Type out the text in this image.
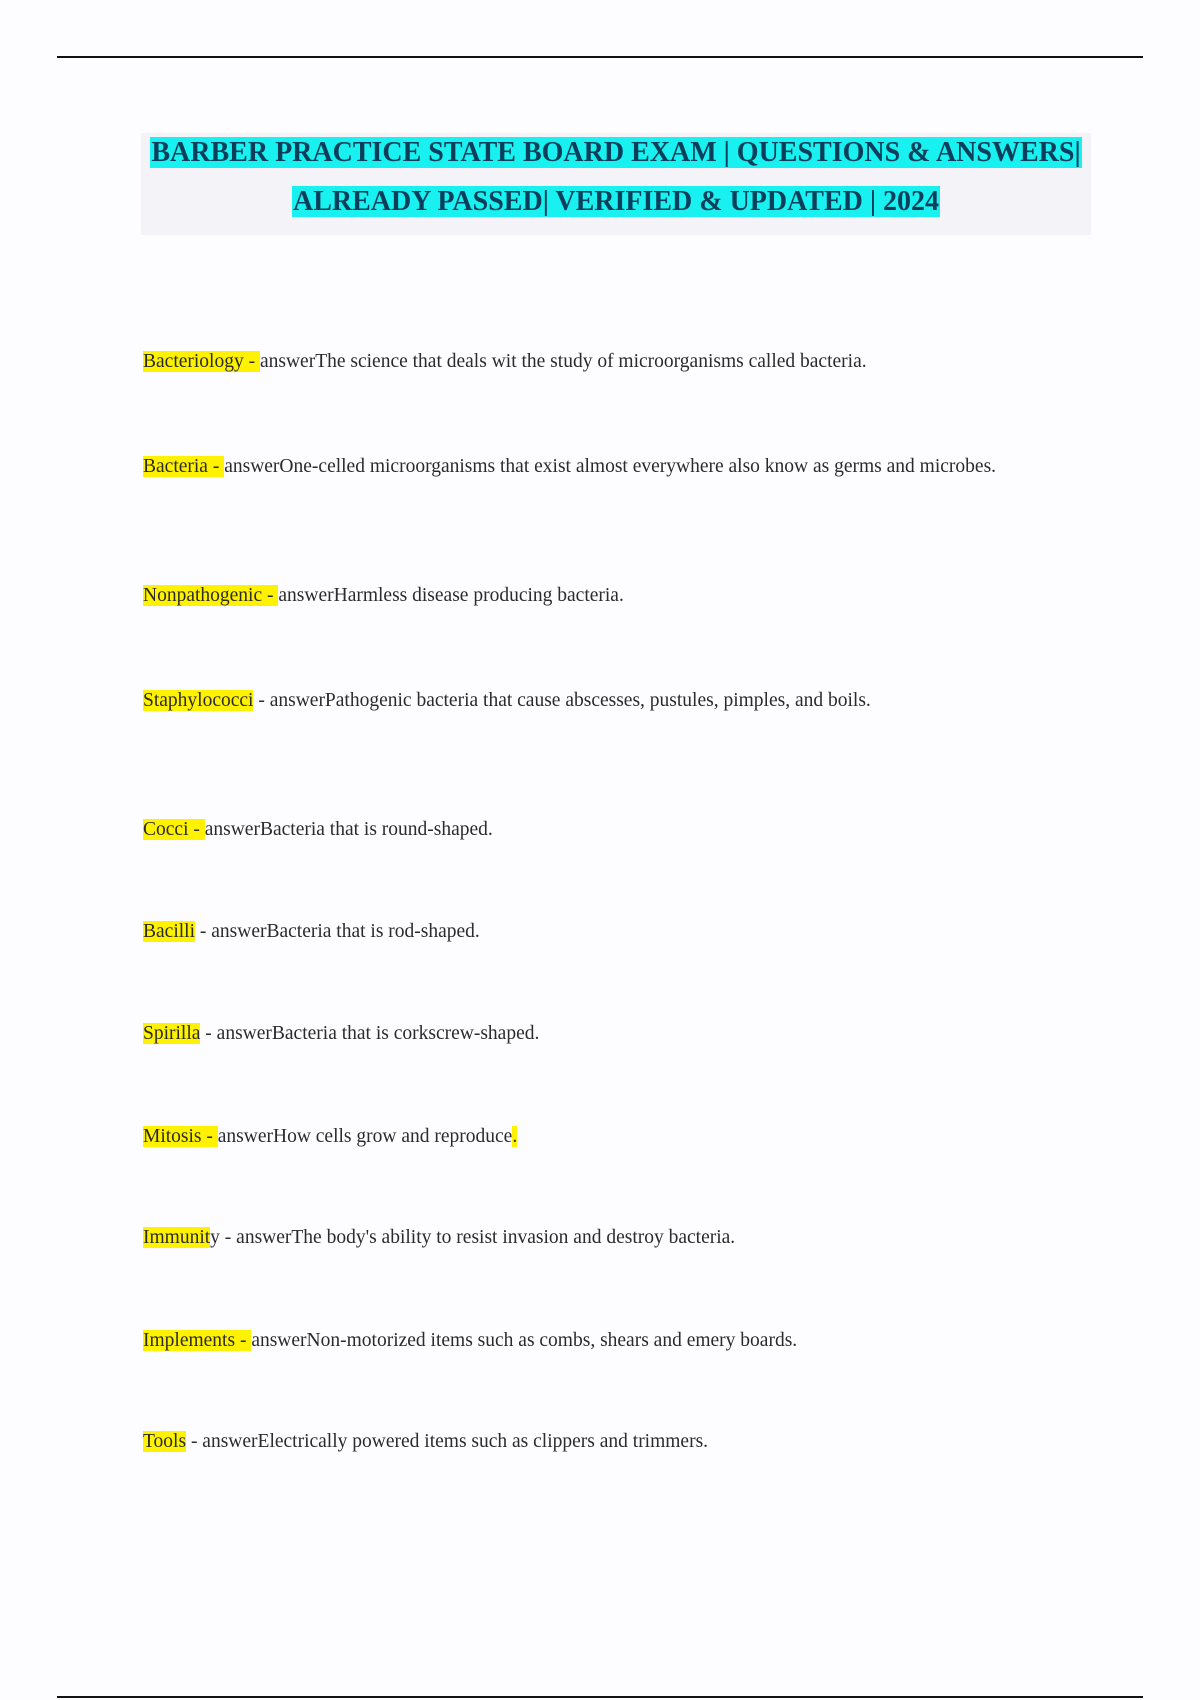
BARBER PRACTICE STATE BOARD EXAM | QUESTIONS & ANSWERS|
ALREADY PASSED| VERIFIED & UPDATED | 2024
Bacteriology - answerThe science that deals wit the study of microorganisms called bacteria.
Bacteria - answerOne-celled microorganisms that exist almost everywhere also know as germs and microbes.
Nonpathogenic - answerHarmless disease producing bacteria.
Staphylococci - answerPathogenic bacteria that cause abscesses, pustules, pimples, and boils.
Cocci - answerBacteria that is round-shaped.
Bacilli - answerBacteria that is rod-shaped.
Spirilla - answerBacteria that is corkscrew-shaped.
Mitosis - answerHow cells grow and reproduce.
Immunity - answerThe body's ability to resist invasion and destroy bacteria.
Implements - answerNon-motorized items such as combs, shears and emery boards.
Tools - answerElectrically powered items such as clippers and trimmers.
